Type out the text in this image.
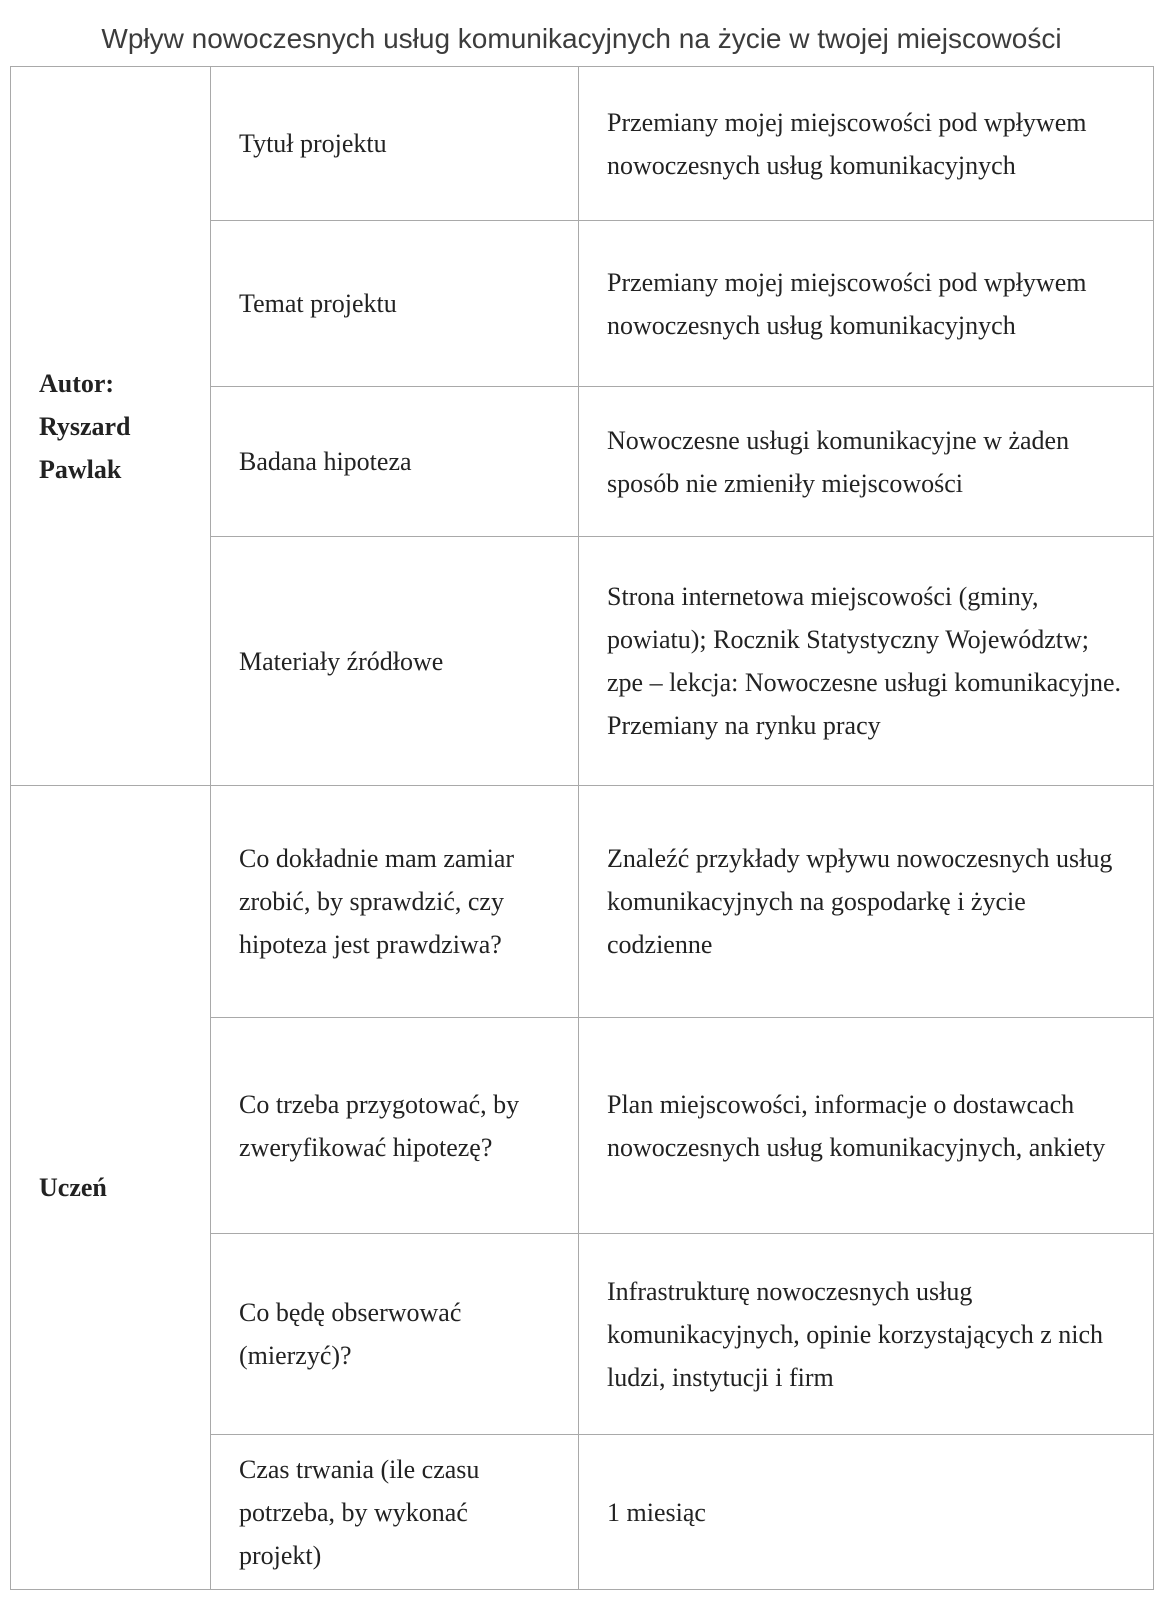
Wpływ nowoczesnych usług komunikacyjnych na życie w twojej miejscowości
Autor: Ryszard Pawlak	Tytuł projektu	Przemiany mojej miejscowości pod wpływem nowoczesnych usług komunikacyjnych
	Temat projektu	Przemiany mojej miejscowości pod wpływem nowoczesnych usług komunikacyjnych
	Badana hipoteza	Nowoczesne usługi komunikacyjne w żaden sposób nie zmieniły miejscowości
	Materiały źródłowe	Strona internetowa miejscowości (gminy, powiatu); Rocznik Statystyczny Województw; zpe – lekcja: Nowoczesne usługi komunikacyjne. Przemiany na rynku pracy
Uczeń	Co dokładnie mam zamiar zrobić, by sprawdzić, czy hipoteza jest prawdziwa?	Znaleźć przykłady wpływu nowoczesnych usług komunikacyjnych na gospodarkę i życie codzienne
	Co trzeba przygotować, by zweryfikować hipotezę?	Plan miejscowości, informacje o dostawcach nowoczesnych usług komunikacyjnych, ankiety
	Co będę obserwować (mierzyć)?	Infrastrukturę nowoczesnych usług komunikacyjnych, opinie korzystających z nich ludzi, instytucji i firm
	Czas trwania (ile czasu potrzeba, by wykonać projekt)	1 miesiąc
